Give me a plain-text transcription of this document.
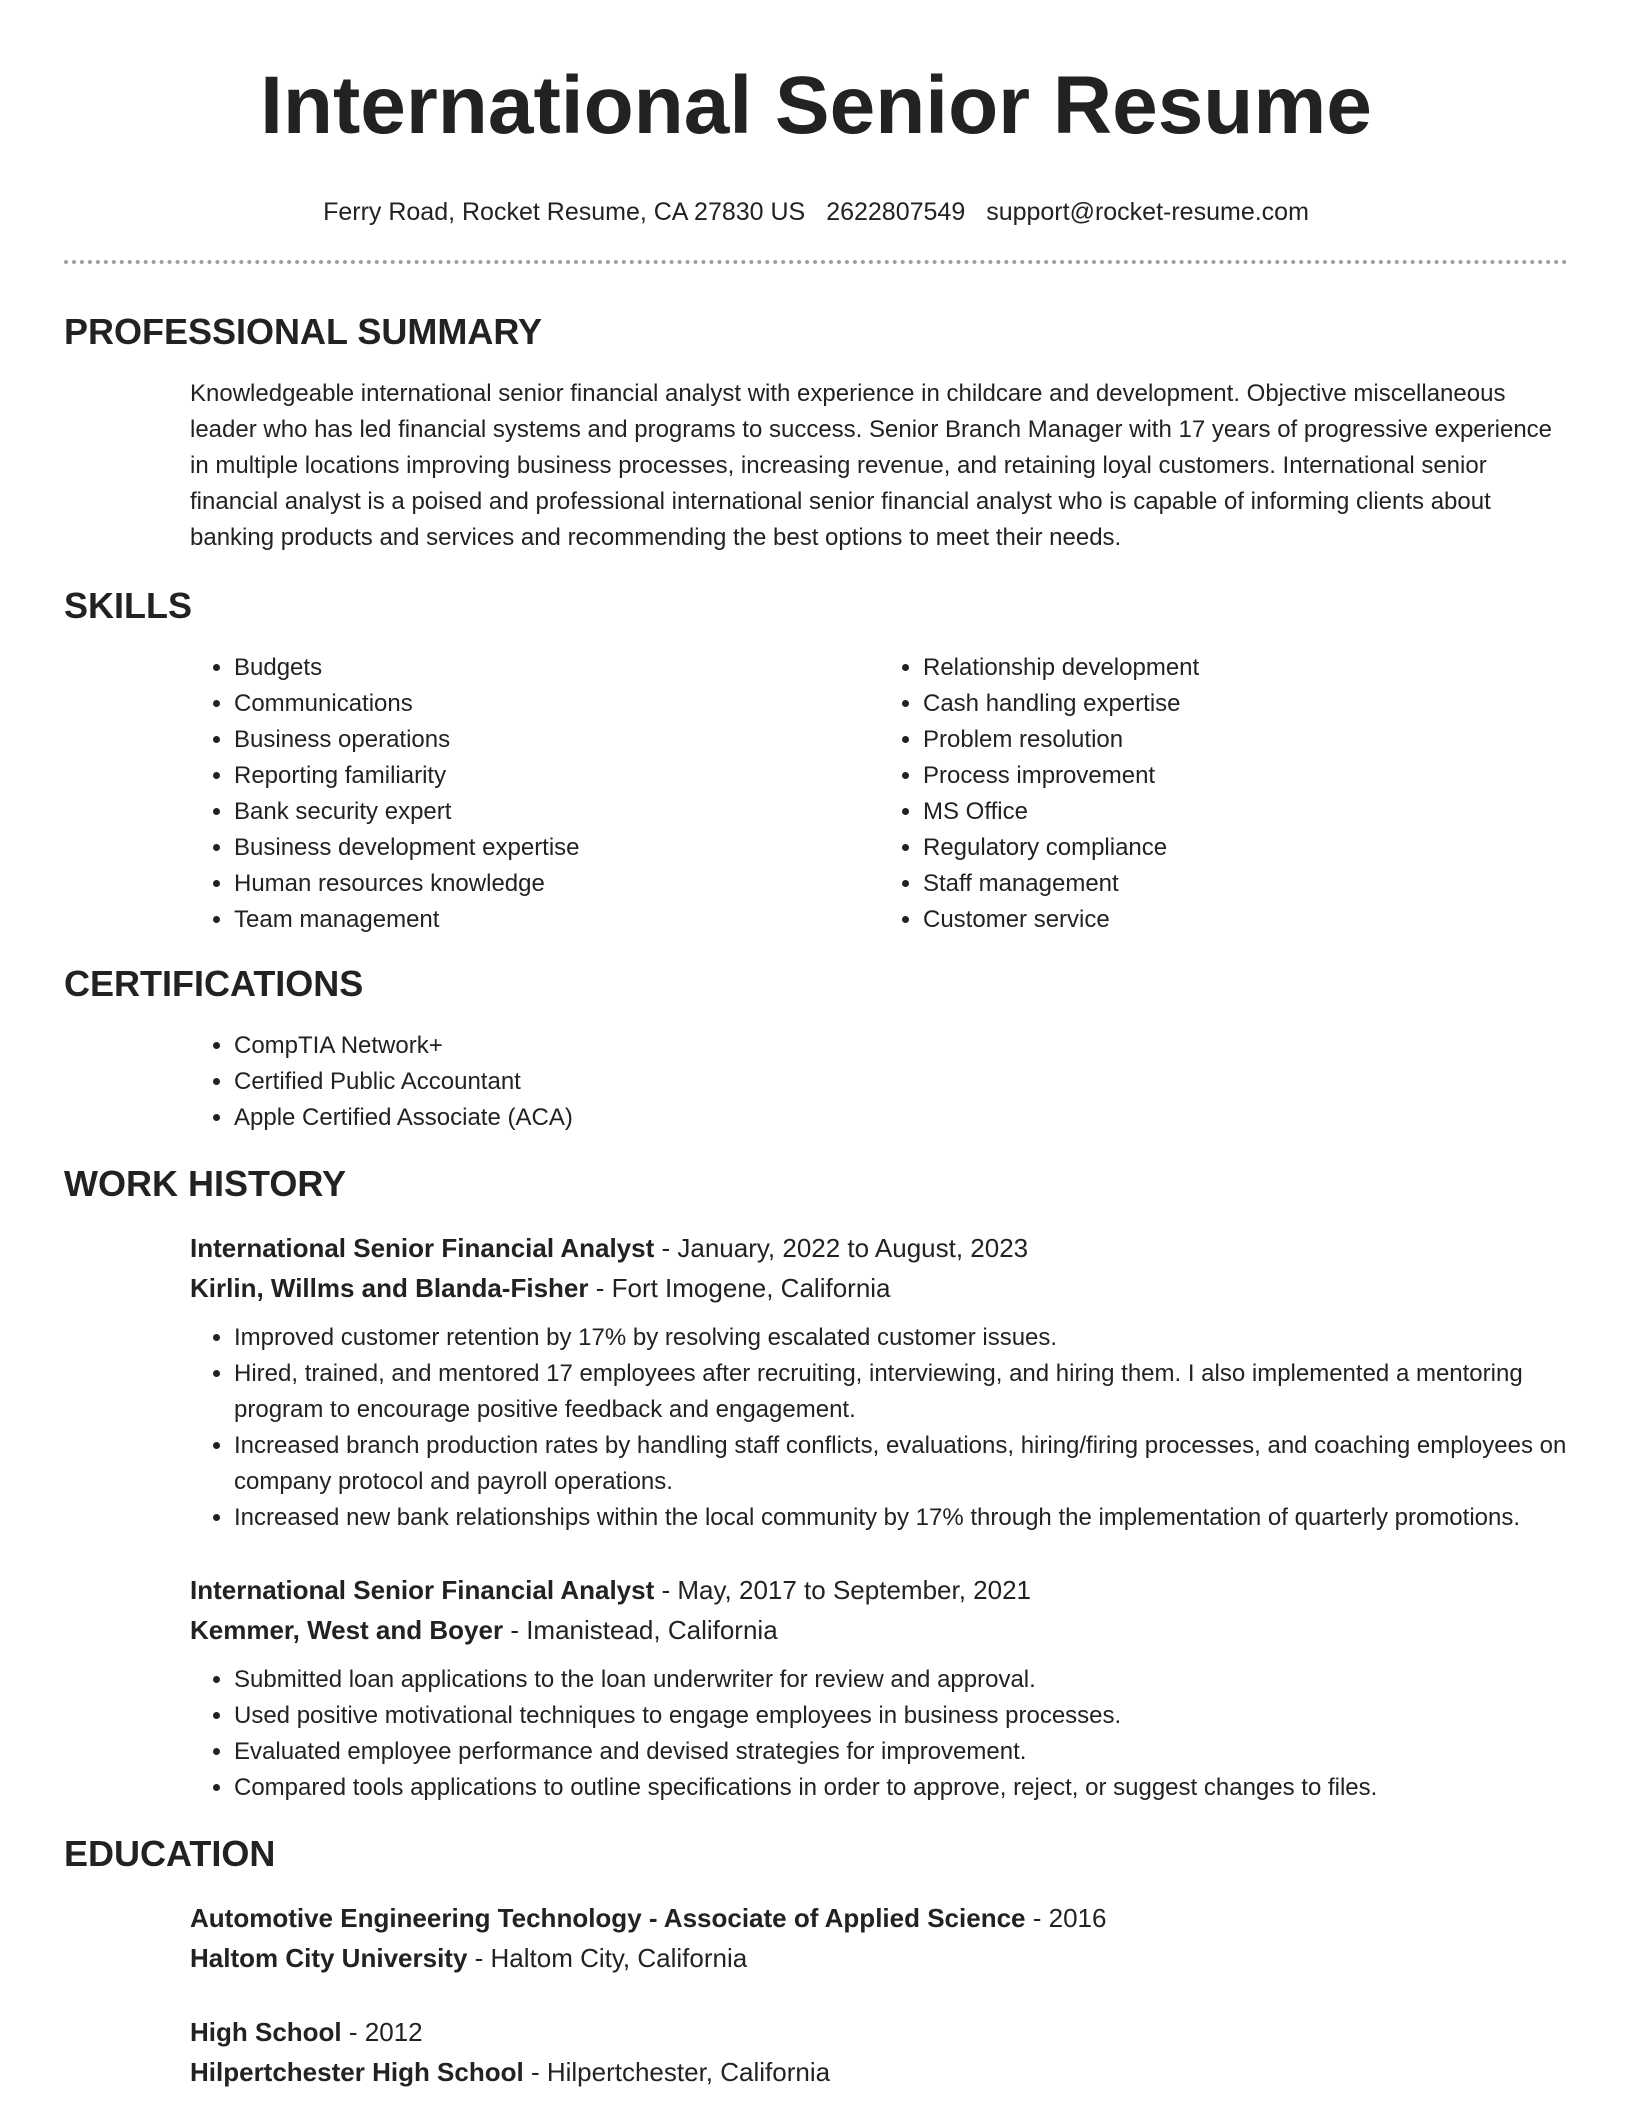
International Senior Resume
Ferry Road, Rocket Resume, CA 27830 US 2622807549 support@rocket-resume.com
PROFESSIONAL SUMMARY

Knowledgeable international senior financial analyst with experience in childcare and development. Objective miscellaneous leader who has led financial systems and programs to success. Senior Branch Manager with 17 years of progressive experience in multiple locations improving business processes, increasing revenue, and retaining loyal customers. International senior financial analyst is a poised and professional international senior financial analyst who is capable of informing clients about banking products and services and recommending the best options to meet their needs.

SKILLS
• Budgets
• Communications
• Business operations
• Reporting familiarity
• Bank security expert
• Business development expertise
• Human resources knowledge
• Team management
• Relationship development
• Cash handling expertise
• Problem resolution
• Process improvement
• MS Office
• Regulatory compliance
• Staff management
• Customer service
CERTIFICATIONS
• CompTIA Network+
• Certified Public Accountant
• Apple Certified Associate (ACA)
WORK HISTORY
International Senior Financial Analyst - January, 2022 to August, 2023
Kirlin, Willms and Blanda-Fisher - Fort Imogene, California
• Improved customer retention by 17% by resolving escalated customer issues.
• Hired, trained, and mentored 17 employees after recruiting, interviewing, and hiring them. I also implemented a mentoring program to encourage positive feedback and engagement.
• Increased branch production rates by handling staff conflicts, evaluations, hiring/firing processes, and coaching employees on company protocol and payroll operations.
• Increased new bank relationships within the local community by 17% through the implementation of quarterly promotions.
International Senior Financial Analyst - May, 2017 to September, 2021
Kemmer, West and Boyer - Imanistead, California
• Submitted loan applications to the loan underwriter for review and approval.
• Used positive motivational techniques to engage employees in business processes.
• Evaluated employee performance and devised strategies for improvement.
• Compared tools applications to outline specifications in order to approve, reject, or suggest changes to files.
EDUCATION
Automotive Engineering Technology - Associate of Applied Science - 2016
Haltom City University - Haltom City, California
High School - 2012
Hilpertchester High School - Hilpertchester, California
